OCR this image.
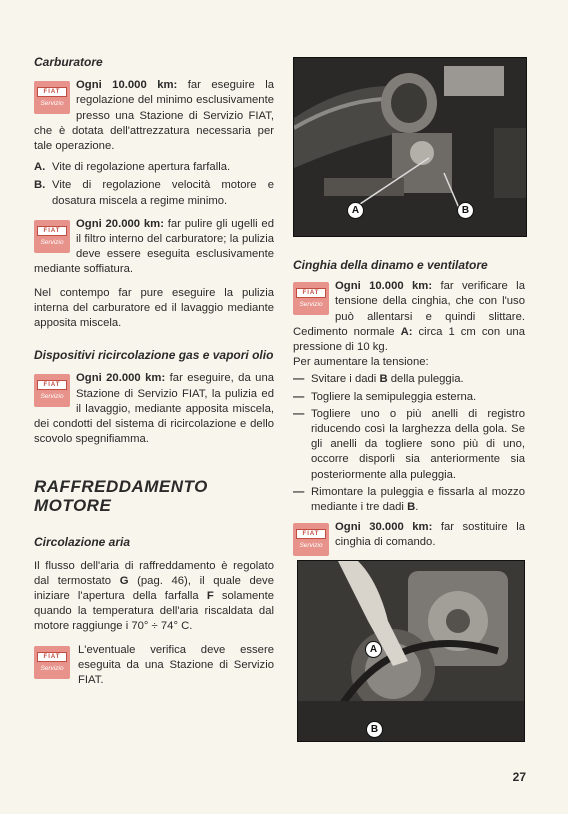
Carburatore
FIAT
Servizio

Ogni 10.000 km: far eseguire la regolazione del minimo esclusivamente presso una Stazione di Servizio FIAT, che è dotata dell'attrezzatura necessaria per tale operazione.

A. Vite di regolazione apertura farfalla.

B. Vite di regolazione velocità motore e dosatura miscela a regime minimo.

FIAT
Servizio

Ogni 20.000 km: far pulire gli ugelli ed il filtro interno del carburatore; la pulizia deve essere eseguita esclusivamente mediante soffiatura.

Nel contempo far pure eseguire la pulizia interna del carburatore ed il lavaggio mediante apposita miscela.

Dispositivi ricircolazione gas e vapori olio
FIAT
Servizio

Ogni 20.000 km: far eseguire, da una Stazione di Servizio FIAT, la pulizia ed il lavaggio, mediante apposita miscela, dei condotti del sistema di ricircolazione e dello scovolo spegnifiamma.

RAFFREDDAMENTO MOTORE
Circolazione aria

Il flusso dell'aria di raffreddamento è regolato dal termostato G (pag. 46), il quale deve iniziare l'apertura della farfalla F solamente quando la temperatura dell'aria riscaldata dal motore raggiunge i 70° ÷ 74° C.

FIAT
Servizio

L'eventuale verifica deve essere eseguita da una Stazione di Servizio FIAT.

A	B
Cinghia della dinamo e ventilatore
FIAT
Servizio

Ogni 10.000 km: far verificare la tensione della cinghia, che con l'uso può allentarsi e quindi slittare. Cedimento normale A: circa 1 cm con una pressione di 10 kg.

Per aumentare la tensione:

— Svitare i dadi B della puleggia.

— Togliere la semipuleggia esterna.

— Togliere uno o più anelli di registro riducendo così la larghezza della gola. Se gli anelli da togliere sono più di uno, occorre disporli sia anteriormente sia posteriormente alla puleggia.

— Rimontare la puleggia e fissarla al mozzo mediante i tre dadi B.

FIAT
Servizio

Ogni 30.000 km: far sostituire la cinghia di comando.

A
B
27
